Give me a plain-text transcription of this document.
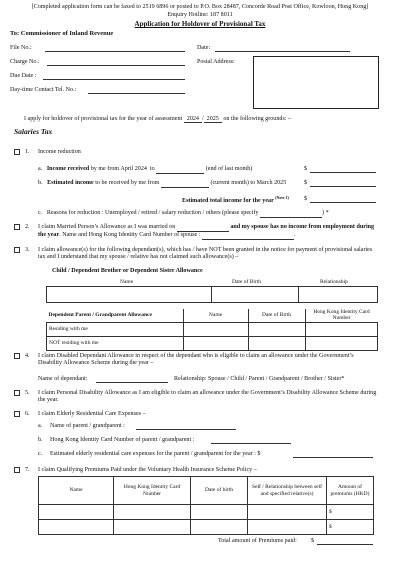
[Completed application form can be faxed to 2519 6896 or posted to P.O. Box 28487, Concorde Road Post Office, Kowloon, Hong Kong]
Enquiry Hotline: 187 8011
Application for Holdover of Provisional Tax
To: Commissioner of Inland Revenue
File No.:	Date:
Charge No.:	Postal Address:
Due Date :
Day-time Contact Tel. No.:
I apply for holdover of provisional tax for the year of assessment 2024 / 2025 on the following grounds: –
Salaries Tax
1. Income reduction
a. Income received by me from April 2024 to	(end of last month)	$
b. Estimated income to be received by me from	(current month) to March 2025	$
Estimated total income for the year $^{(Note 1)}$ $
c. Reasons for reduction : Unemployed / retired / salary reduction / others (please specify	) *
2. I claim Married Person’s Allowance as I was married on	and my spouse has no income from employment during the year. Name and Hong Kong Identity Card Number of spouse :	.
3. I claim allowance(s) for the following dependant(s), which has / have NOT been granted in the notice for payment of provisional salaries tax and I understand that my spouse / relative has not claimed such allowance(s) –
Child / Dependent Brother or Dependent Sister Allowance
Name	Date of Birth	Relationship

Dependent Parent / Grandparent Allowance	Name	Date of Birth	Hong Kong Identity Card Number
Residing with me			
NOT residing with me			
4. I claim Disabled Dependant Allowance in respect of the dependant who is eligible to claim an allowance under the Government’s Disability Allowance Scheme during the year –
Name of dependant:	Relationship: Spouse / Child / Parent / Grandparent / Brother / Sister*
5. I claim Personal Disability Allowance as I am eligible to claim an allowance under the Government’s Disability Allowance Scheme during the year.
6. I claim Elderly Residential Care Expenses –
a. Name of parent / grandparent :
b. Hong Kong Identity Card Number of parent / grandparent :
c. Estimated elderly residential care expenses for the parent / grandparent for the year : $
7. I claim Qualifying Premiums Paid under the Voluntary Health Insurance Scheme Policy –
Name	Hong Kong Identity Card Number	Date of birth	Self / Relationship between self and specified relative(s)	Amount of premiums (HKD)
				$
				$
Total amount of Premiums paid: $
